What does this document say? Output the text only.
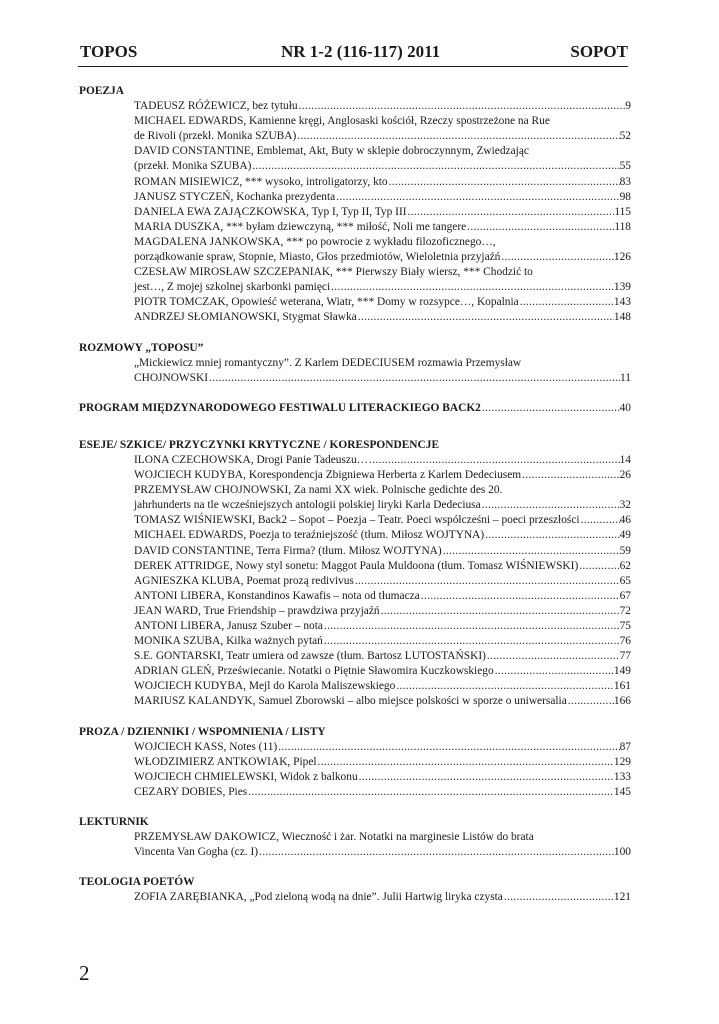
TOPOS	NR 1-2 (116-117) 2011	SOPOT
POEZJA
TADEUSZ RÓŻEWICZ, bez tytułu .....	9
MICHAEL EDWARDS, Kamienne kręgi, Anglosaski kościół, Rzeczy spostrzeżone na Rue
de Rivoli (przekł. Monika SZUBA) .....	52
DAVID CONSTANTINE, Emblemat, Akt, Buty w sklepie dobroczynnym, Zwiedzając
(przekł. Monika SZUBA) .....	55
ROMAN MISIEWICZ, *** wysoko, introligatorzy, kto .....	83
JANUSZ STYCZEŃ, Kochanka prezydenta .....	98
DANIELA EWA ZAJĄCZKOWSKA, Typ I, Typ II, Typ III .....	115
MARIA DUSZKA, *** byłam dziewczyną, *** miłość, Noli me tangere .....	118
MAGDALENA JANKOWSKA, *** po powrocie z wykładu filozoficznego…,
porządkowanie spraw, Stopnie, Miasto, Głos przedmiotów, Wieloletnia przyjaźń .....	126
CZESŁAW MIROSŁAW SZCZEPANIAK, *** Pierwszy Biały wiersz, *** Chodzić to
jest…, Z mojej szkolnej skarbonki pamięci .....	139
PIOTR TOMCZAK, Opowieść weterana, Wiatr, *** Domy w rozsypce…, Kopalnia .....	143
ANDRZEJ SŁOMIANOWSKI, Stygmat Sławka .....	148
ROZMOWY „TOPOSU”
„Mickiewicz mniej romantyczny”. Z Karlem DEDECIUSEM rozmawia Przemysław
CHOJNOWSKI .....	11
PROGRAM MIĘDZYNARODOWEGO FESTIWALU LITERACKIEGO BACK2 .....	40
ESEJE/ SZKICE/ PRZYCZYNKI KRYTYCZNE / KORESPONDENCJE
ILONA CZECHOWSKA, Drogi Panie Tadeuszu… .....	14
WOJCIECH KUDYBA, Korespondencja Zbigniewa Herberta z Karlem Dedeciusem .....	26
PRZEMYSŁAW CHOJNOWSKI, Za nami XX wiek. Polnische gedichte des 20.
jahrhunderts na tle wcześniejszych antologii polskiej liryki Karla Dedeciusa .....	32
TOMASZ WIŚNIEWSKI, Back2 – Sopot – Poezja – Teatr. Poeci współcześni – poeci przeszłości .....	46
MICHAEL EDWARDS, Poezja to teraźniejszość (tłum. Miłosz WOJTYNA) .....	49
DAVID CONSTANTINE, Terra Firma? (tłum. Miłosz WOJTYNA) .....	59
DEREK ATTRIDGE, Nowy styl sonetu: Maggot Paula Muldoona (tłum. Tomasz WIŚNIEWSKI) .....	62
AGNIESZKA KLUBA, Poemat prozą redivivus .....	65
ANTONI LIBERA, Konstandinos Kawafis – nota od tłumacza .....	67
JEAN WARD, True Friendship – prawdziwa przyjaźń .....	72
ANTONI LIBERA, Janusz Szuber – nota .....	75
MONIKA SZUBA, Kilka ważnych pytań .....	76
S.E. GONTARSKI, Teatr umiera od zawsze (tłum. Bartosz LUTOSTAŃSKI) .....	77
ADRIAN GLEŃ, Przeświecanie. Notatki o Piętnie Sławomira Kuczkowskiego .....	149
WOJCIECH KUDYBA, Mejl do Karola Maliszewskiego .....	161
MARIUSZ KALANDYK, Samuel Zborowski – albo miejsce polskości w sporze o uniwersalia .....	166
PROZA / DZIENNIKI / WSPOMNIENIA / LISTY
WOJCIECH KASS, Notes (11) .....	87
WŁODZIMIERZ ANTKOWIAK, Pipel .....	129
WOJCIECH CHMIELEWSKI, Widok z balkonu .....	133
CEZARY DOBIES, Pies .....	145
LEKTURNIK
PRZEMYSŁAW DAKOWICZ, Wieczność i żar. Notatki na marginesie Listów do brata
Vincenta Van Gogha (cz. I) .....	100
TEOLOGIA POETÓW
ZOFIA ZARĘBIANKA, „Pod zieloną wodą na dnie”. Julii Hartwig liryka czysta .....	121
2
